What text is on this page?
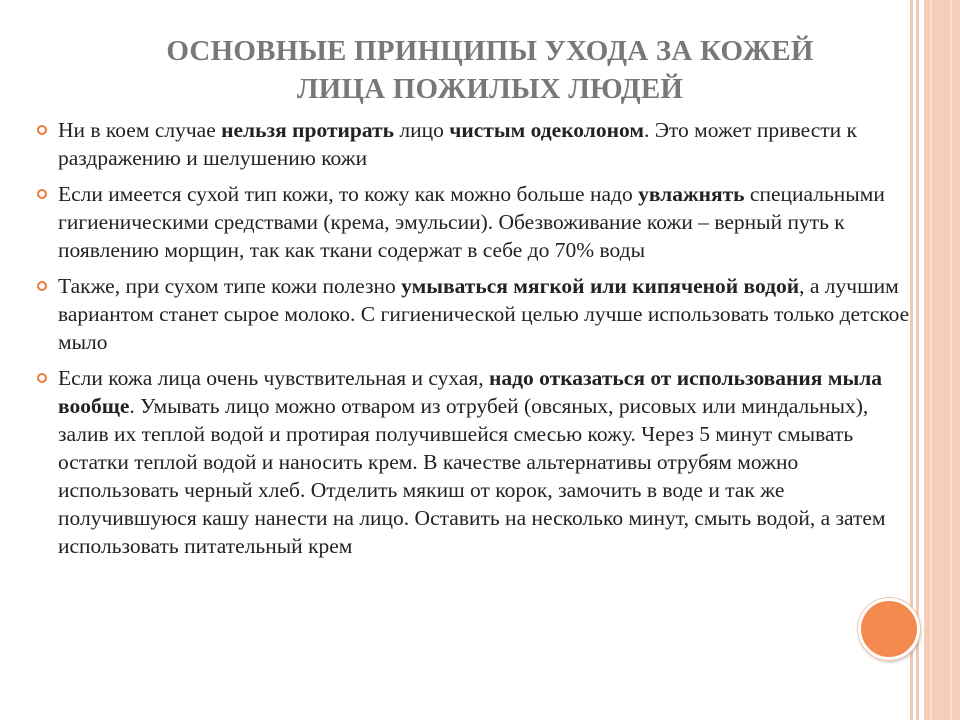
ОСНОВНЫЕ ПРИНЦИПЫ УХОДА ЗА КОЖЕЙ
ЛИЦА ПОЖИЛЫХ ЛЮДЕЙ
Ни в коем случае нельзя протирать лицо чистым одеколоном. Это может привести к раздражению и шелушению кожи
Если имеется сухой тип кожи, то кожу как можно больше надо увлажнять специальными гигиеническими средствами (крема, эмульсии). Обезвоживание кожи – верный путь к появлению морщин, так как ткани содержат в себе до 70% воды
Также, при сухом типе кожи полезно умываться мягкой или кипяченой водой, а лучшим вариантом станет сырое молоко. С гигиенической целью лучше использовать только детское мыло
Если кожа лица очень чувствительная и сухая, надо отказаться от использования мыла вообще. Умывать лицо можно отваром из отрубей (овсяных, рисовых или миндальных), залив их теплой водой и протирая получившейся смесью кожу. Через 5 минут смывать остатки теплой водой и наносить крем. В качестве альтернативы отрубям можно использовать черный хлеб. Отделить мякиш от корок, замочить в воде и так же получившуюся кашу нанести на лицо. Оставить на несколько минут, смыть водой, а затем использовать питательный крем
